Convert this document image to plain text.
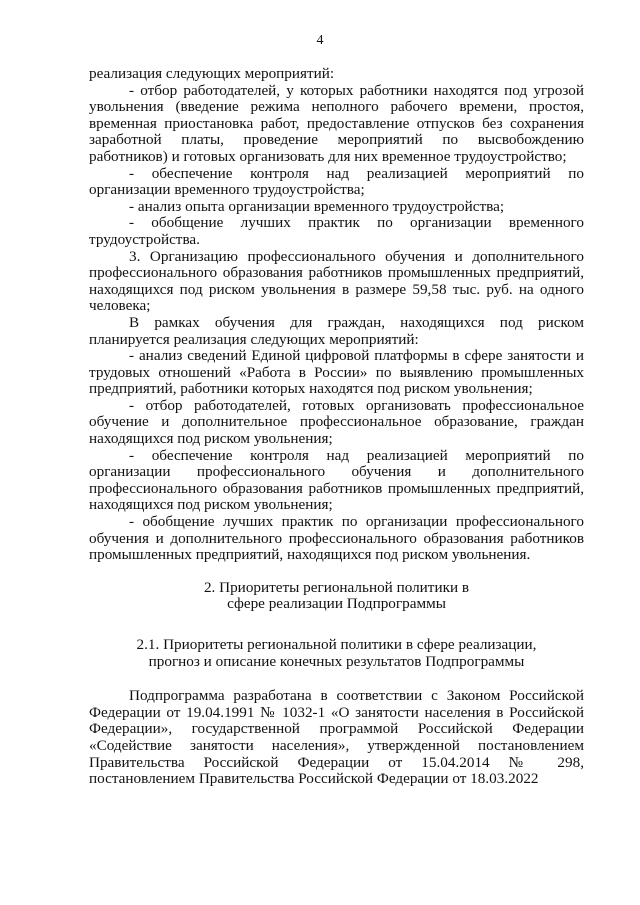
4

реализация следующих мероприятий:

- отбор работодателей, у которых работники находятся под угрозой увольнения (введение режима неполного рабочего времени, простоя, временная приостановка работ, предоставление отпусков без сохранения заработной платы, проведение мероприятий по высвобождению работников) и готовых организовать для них временное трудоустройство;

- обеспечение контроля над реализацией мероприятий по организации временного трудоустройства;

- анализ опыта организации временного трудоустройства;

- обобщение лучших практик по организации временного трудоустройства.

3. Организацию профессионального обучения и дополнительного профессионального образования работников промышленных предприятий, находящихся под риском увольнения в размере 59,58 тыс. руб. на одного человека;

В рамках обучения для граждан, находящихся под риском планируется реализация следующих мероприятий:

- анализ сведений Единой цифровой платформы в сфере занятости и трудовых отношений «Работа в России» по выявлению промышленных предприятий, работники которых находятся под риском увольнения;

- отбор работодателей, готовых организовать профессиональное обучение и дополнительное профессиональное образование, граждан находящихся под риском увольнения;

- обеспечение контроля над реализацией мероприятий по организации профессионального обучения и дополнительного профессионального образования работников промышленных предприятий, находящихся под риском увольнения;

- обобщение лучших практик по организации профессионального обучения и дополнительного профессионального образования работников промышленных предприятий, находящихся под риском увольнения.

2. Приоритеты региональной политики в
сфере реализации Подпрограммы
2.1. Приоритеты региональной политики в сфере реализации,
прогноз и описание конечных результатов Подпрограммы

Подпрограмма разработана в соответствии с Законом Российской Федерации от 19.04.1991 № 1032-1 «О занятости населения в Российской Федерации», государственной программой Российской Федерации «Содействие занятости населения», утвержденной постановлением Правительства Российской Федерации от 15.04.2014 № 298, постановлением Правительства Российской Федерации от 18.03.2022
